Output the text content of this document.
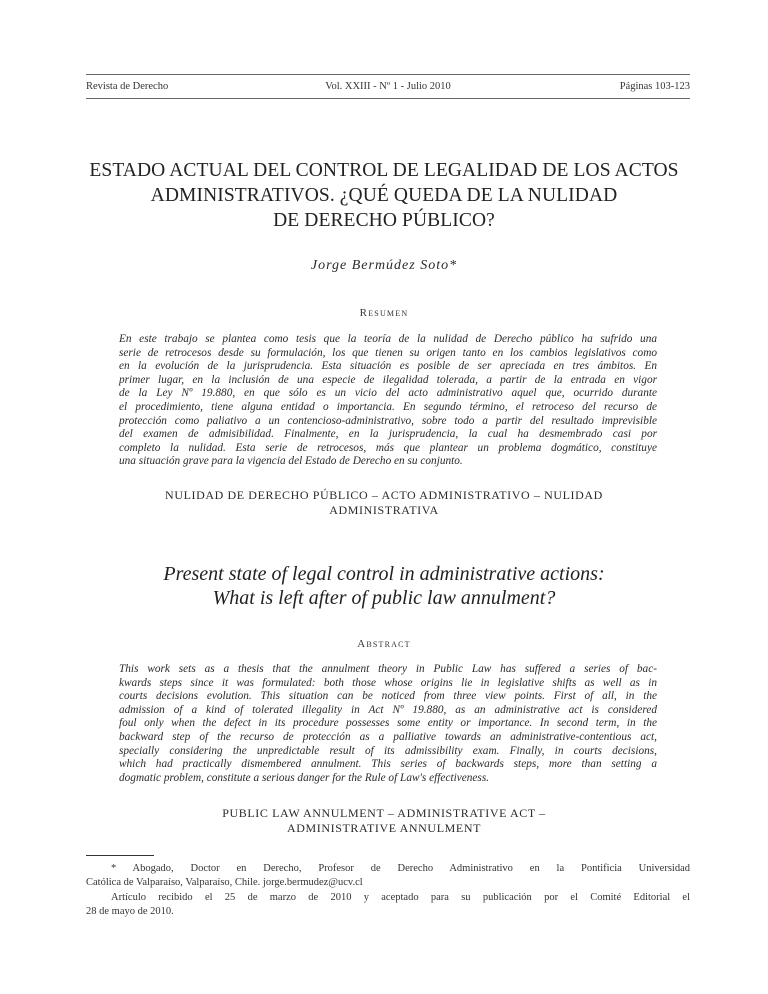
Revista de Derecho	Vol. XXIII - Nº 1 - Julio 2010	Páginas 103-123
ESTADO ACTUAL DEL CONTROL DE LEGALIDAD DE LOS ACTOS
ADMINISTRATIVOS. ¿QUÉ QUEDA DE LA NULIDAD
DE DERECHO PÚBLICO?
Jorge Bermúdez Soto*
Resumen
En este trabajo se plantea como tesis que la teoría de la nulidad de Derecho público ha sufrido una
serie de retrocesos desde su formulación, los que tienen su origen tanto en los cambios legislativos como
en la evolución de la jurisprudencia. Esta situación es posible de ser apreciada en tres ámbitos. En
primer lugar, en la inclusión de una especie de ilegalidad tolerada, a partir de la entrada en vigor
de la Ley Nº 19.880, en que sólo es un vicio del acto administrativo aquel que, ocurrido durante
el procedimiento, tiene alguna entidad o importancia. En segundo término, el retroceso del recurso de
protección como paliativo a un contencioso-administrativo, sobre todo a partir del resultado imprevisible
del examen de admisibilidad. Finalmente, en la jurisprudencia, la cual ha desmembrado casi por
completo la nulidad. Esta serie de retrocesos, más que plantear un problema dogmático, constituye
una situación grave para la vigencia del Estado de Derecho en su conjunto.
NULIDAD DE DERECHO PÚBLICO – ACTO ADMINISTRATIVO – NULIDAD
ADMINISTRATIVA
Present state of legal control in administrative actions:
What is left after of public law annulment?
Abstract
This work sets as a thesis that the annulment theory in Public Law has suffered a series of bac-
kwards steps since it was formulated: both those whose origins lie in legislative shifts as well as in
courts decisions evolution. This situation can be noticed from three view points. First of all, in the
admission of a kind of tolerated illegality in Act Nº 19.880, as an administrative act is considered
foul only when the defect in its procedure possesses some entity or importance. In second term, in the
backward step of the recurso de protección as a palliative towards an administrative-contentious act,
specially considering the unpredictable result of its admissibility exam. Finally, in courts decisions,
which had practically dismembered annulment. This series of backwards steps, more than setting a
dogmatic problem, constitute a serious danger for the Rule of Law's effectiveness.
PUBLIC LAW ANNULMENT – ADMINISTRATIVE ACT –
ADMINISTRATIVE ANNULMENT
* Abogado, Doctor en Derecho, Profesor de Derecho Administrativo en la Pontificia Universidad
Católica de Valparaíso, Valparaíso, Chile. jorge.bermudez@ucv.cl
Artículo recibido el 25 de marzo de 2010 y aceptado para su publicación por el Comité Editorial el
28 de mayo de 2010.
